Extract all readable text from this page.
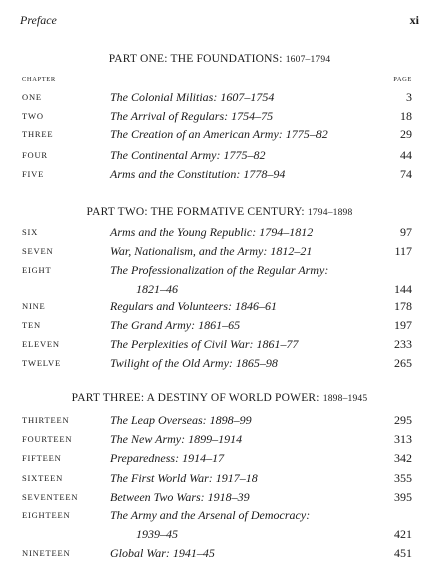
Preface	xi
PART ONE: THE FOUNDATIONS: 1607–1794
CHAPTER	PAGE
ONE	The Colonial Militias: 1607–1754	3
TWO	The Arrival of Regulars: 1754–75	18
THREE	The Creation of an American Army: 1775–82	29
FOUR	The Continental Army: 1775–82	44
FIVE	Arms and the Constitution: 1778–94	74
PART TWO: THE FORMATIVE CENTURY: 1794–1898
SIX	Arms and the Young Republic: 1794–1812	97
SEVEN	War, Nationalism, and the Army: 1812–21	117
EIGHT	The Professionalization of the Regular Army:
1821–46	144
NINE	Regulars and Volunteers: 1846–61	178
TEN	The Grand Army: 1861–65	197
ELEVEN	The Perplexities of Civil War: 1861–77	233
TWELVE	Twilight of the Old Army: 1865–98	265
PART THREE: A DESTINY OF WORLD POWER: 1898–1945
THIRTEEN	The Leap Overseas: 1898–99	295
FOURTEEN	The New Army: 1899–1914	313
FIFTEEN	Preparedness: 1914–17	342
SIXTEEN	The First World War: 1917–18	355
SEVENTEEN	Between Two Wars: 1918–39	395
EIGHTEEN	The Army and the Arsenal of Democracy:
1939–45	421
NINETEEN	Global War: 1941–45	451
